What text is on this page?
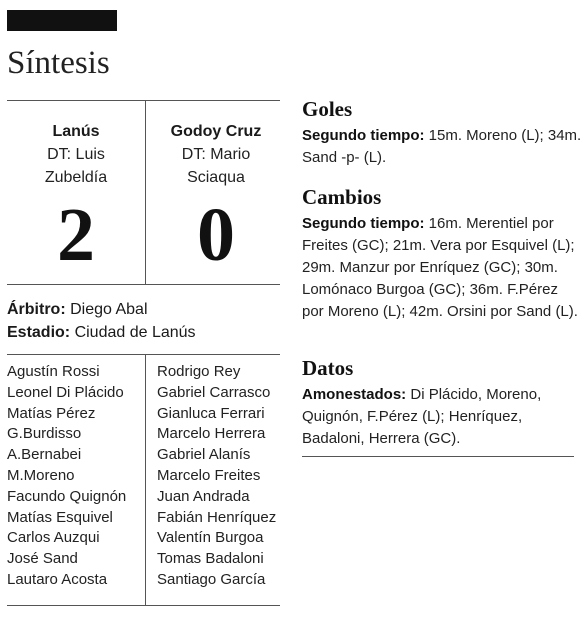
Síntesis
Lanús
DT: Luis
Zubeldía
2
Godoy Cruz
DT: Mario
Sciaqua
0
Árbitro: Diego Abal
Estadio: Ciudad de Lanús
Agustín Rossi
Leonel Di Plácido
Matías Pérez
G.Burdisso
A.Bernabei
M.Moreno
Facundo Quignón
Matías Esquivel
Carlos Auzqui
José Sand
Lautaro Acosta
Rodrigo Rey
Gabriel Carrasco
Gianluca Ferrari
Marcelo Herrera
Gabriel Alanís
Marcelo Freites
Juan Andrada
Fabián Henríquez
Valentín Burgoa
Tomas Badaloni
Santiago García
Goles

Segundo tiempo: 15m. Moreno (L); 34m. Sand -p- (L).

Cambios

Segundo tiempo: 16m. Merentiel por Freites (GC); 21m. Vera por Esquivel (L); 29m. Manzur por Enríquez (GC); 30m. Lomónaco Burgoa (GC); 36m. F.Pérez por Moreno (L); 42m. Orsini por Sand (L).

Datos

Amonestados: Di Plácido, Moreno, Quignón, F.Pérez (L); Henríquez, Badaloni, Herrera (GC).
